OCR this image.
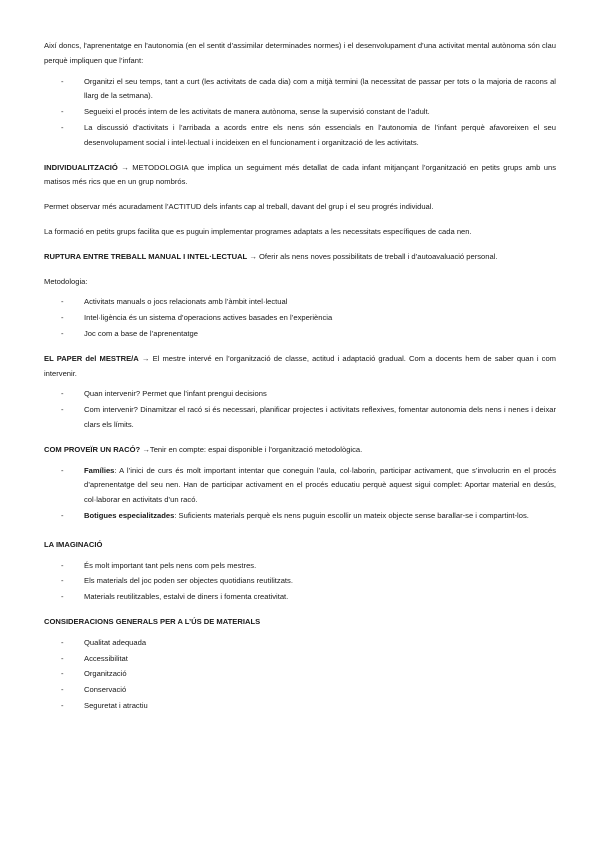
Així doncs, l’aprenentatge en l’autonomia (en el sentit d’assimilar determinades normes) i el desenvolupament d’una activitat mental autònoma són clau perquè impliquen que l’infant:

- Organitzi el seu temps, tant a curt (les activitats de cada dia) com a mitjà termini (la necessitat de passar per tots o la majoria de racons al llarg de la setmana).
- Segueixi el procés intern de les activitats de manera autònoma, sense la supervisió constant de l’adult.
- La discussió d’activitats i l’arribada a acords entre els nens són essencials en l’autonomia de l’infant perquè afavoreixen el seu desenvolupament social i intel·lectual i incideixen en el funcionament i organització de les activitats.

INDIVIDUALITZACIÓ → METODOLOGIA que implica un seguiment més detallat de cada infant mitjançant l’organització en petits grups amb uns matisos més rics que en un grup nombrós.

Permet observar més acuradament l’ACTITUD dels infants cap al treball, davant del grup i el seu progrés individual.

La formació en petits grups facilita que es puguin implementar programes adaptats a les necessitats específiques de cada nen.

RUPTURA ENTRE TREBALL MANUAL I INTEL·LECTUAL → Oferir als nens noves possibilitats de treball i d’autoavaluació personal.

Metodologia:

- Activitats manuals o jocs relacionats amb l’àmbit intel·lectual
- Intel·ligència és un sistema d’operacions actives basades en l’experiència
- Joc com a base de l’aprenentatge

EL PAPER del MESTRE/A → El mestre intervé en l’organització de classe, actitud i adaptació gradual. Com a docents hem de saber quan i com intervenir.

- Quan intervenir? Permet que l’infant prengui decisions
- Com intervenir? Dinamitzar el racó si és necessari, planificar projectes i activitats reflexives, fomentar autonomia dels nens i nenes i deixar clars els límits.

COM PROVEÏR UN RACÓ? →Tenir en compte: espai disponible i l’organització metodològica.

- Famílies: A l’inici de curs és molt important intentar que coneguin l’aula, col·laborin, participar activament, que s’involucrin en el procés d’aprenentatge del seu nen. Han de participar activament en el procés educatiu perquè aquest sigui complet: Aportar material en desús, col·laborar en activitats d’un racó.
- Botigues especialitzades: Suficients materials perquè els nens puguin escollir un mateix objecte sense barallar-se i compartint-los.

LA IMAGINACIÓ

- És molt important tant pels nens com pels mestres.
- Els materials del joc poden ser objectes quotidians reutilitzats.
- Materials reutilitzables, estalvi de diners i fomenta creativitat.

CONSIDERACIONS GENERALS PER A L’ÚS DE MATERIALS

- Qualitat adequada
- Accessibilitat
- Organització
- Conservació
- Seguretat i atractiu
